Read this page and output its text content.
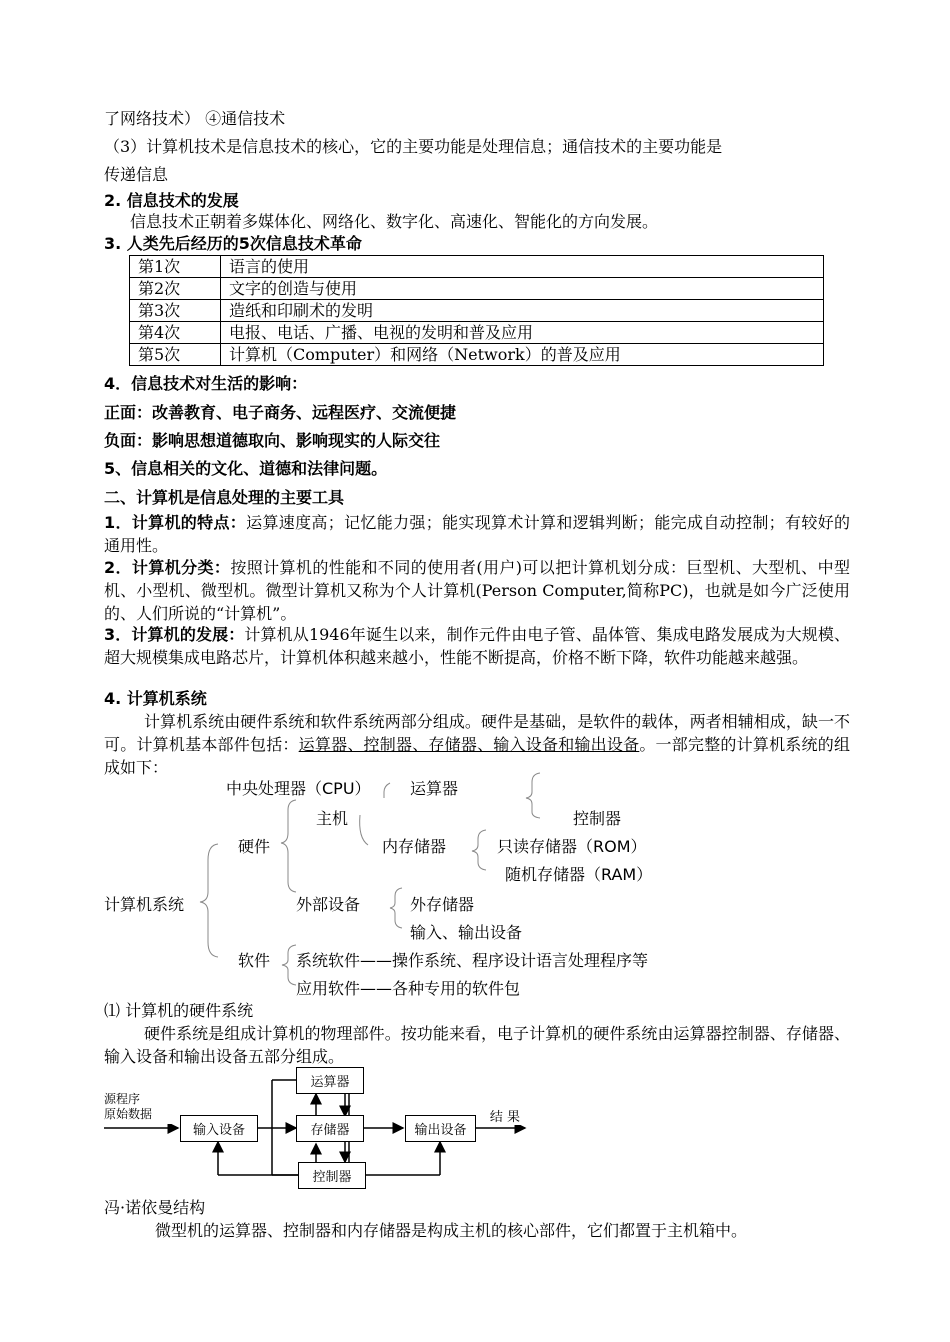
了网络技术） ④通信技术
（3）计算机技术是信息技术的核心，它的主要功能是处理信息；通信技术的主要功能是
传递信息
2. 信息技术的发展
信息技术正朝着多媒体化、网络化、数字化、高速化、智能化的方向发展。
3. 人类先后经历的5次信息技术革命
第1次	语言的使用
第2次	文字的创造与使用
第3次	造纸和印刷术的发明
第4次	电报、电话、广播、电视的发明和普及应用
第5次	计算机（Computer）和网络（Network）的普及应用
4．信息技术对生活的影响：
正面：改善教育、电子商务、远程医疗、交流便捷
负面：影响思想道德取向、影响现实的人际交往
5、信息相关的文化、道德和法律问题。
二、计算机是信息处理的主要工具
1．计算机的特点：运算速度高；记忆能力强；能实现算术计算和逻辑判断；能完成自动控制；有较好的通用性。
2．计算机分类：按照计算机的性能和不同的使用者(用户)可以把计算机划分成：巨型机、大型机、中型机、小型机、微型机。微型计算机又称为个人计算机(Person Computer,简称PC)，也就是如今广泛使用的、人们所说的“计算机”。
3．计算机的发展：计算机从1946年诞生以来，制作元件由电子管、晶体管、集成电路发展成为大规模、超大规模集成电路芯片，计算机体积越来越小，性能不断提高，价格不断下降，软件功能越来越强。
4. 计算机系统
计算机系统由硬件系统和软件系统两部分组成。硬件是基础，是软件的载体，两者相辅相成，缺一不可。计算机基本部件包括：运算器、控制器、存储器、输入设备和输出设备。一部完整的计算机系统的组成如下：
中央处理器（CPU） 运算器
主机	控制器
硬件	内存储器	只读存储器（ROM）
随机存储器（RAM）
计算机系统	外部设备	外存储器
输入、输出设备
软件 系统软件——操作系统、程序设计语言处理程序等
应用软件——各种专用的软件包
⑴ 计算机的硬件系统
硬件系统是组成计算机的物理部件。按功能来看，电子计算机的硬件系统由运算器控制器、存储器、输入设备和输出设备五部分组成。
源程序
原始数据
输入设备
运算器
存储器
控制器
输出设备
结 果
冯·诺依曼结构
微型机的运算器、控制器和内存储器是构成主机的核心部件，它们都置于主机箱中。
